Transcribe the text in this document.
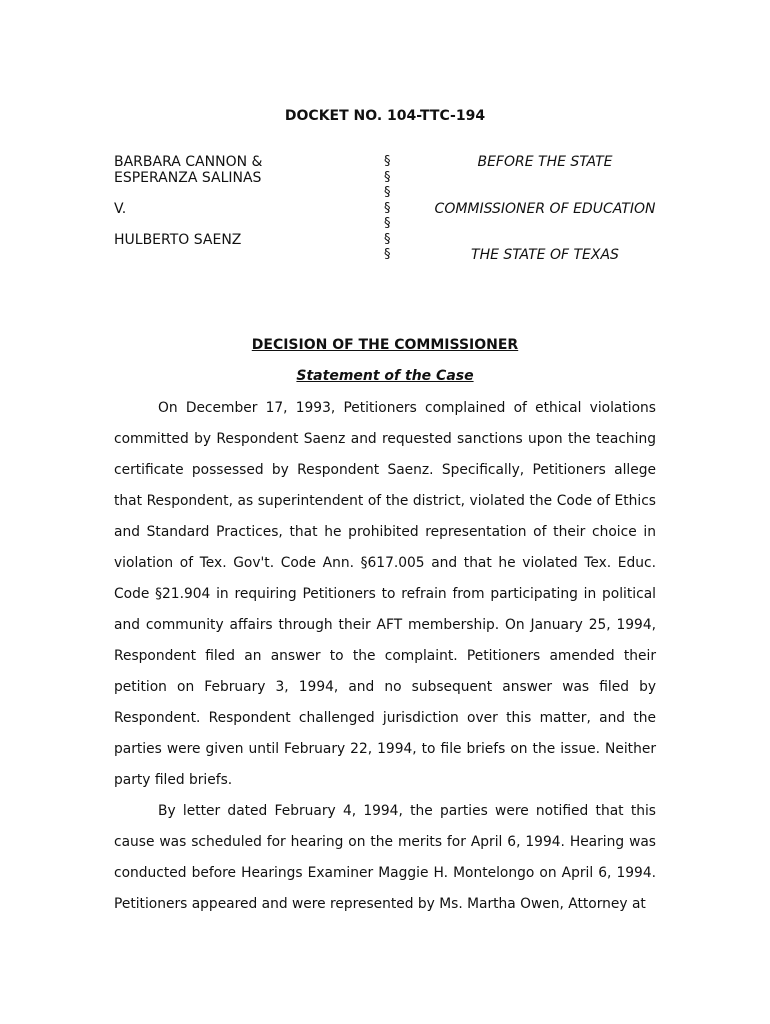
DOCKET NO. 104-TTC-194
BARBARA CANNON &
ESPERANZA SALINAS
V.
HULBERTO SAENZ
§
§
§
§
§
§
§
BEFORE THE STATE
COMMISSIONER OF EDUCATION
THE STATE OF TEXAS
DECISION OF THE COMMISSIONER
Statement of the Case

On December 17, 1993, Petitioners complained of ethical violations committed by Respondent Saenz and requested sanctions upon the teaching certificate possessed by Respondent Saenz. Specifically, Petitioners allege that Respondent, as superintendent of the district, violated the Code of Ethics and Standard Practices, that he prohibited representation of their choice in violation of Tex. Gov't. Code Ann. §617.005 and that he violated Tex. Educ. Code §21.904 in requiring Petitioners to refrain from participating in political and community affairs through their AFT membership. On January 25, 1994, Respondent filed an answer to the complaint. Petitioners amended their petition on February 3, 1994, and no subsequent answer was filed by Respondent. Respondent challenged jurisdiction over this matter, and the parties were given until February 22, 1994, to file briefs on the issue. Neither party filed briefs.

By letter dated February 4, 1994, the parties were notified that this cause was scheduled for hearing on the merits for April 6, 1994. Hearing was conducted before Hearings Examiner Maggie H. Montelongo on April 6, 1994. Petitioners appeared and were represented by Ms. Martha Owen, Attorney at
